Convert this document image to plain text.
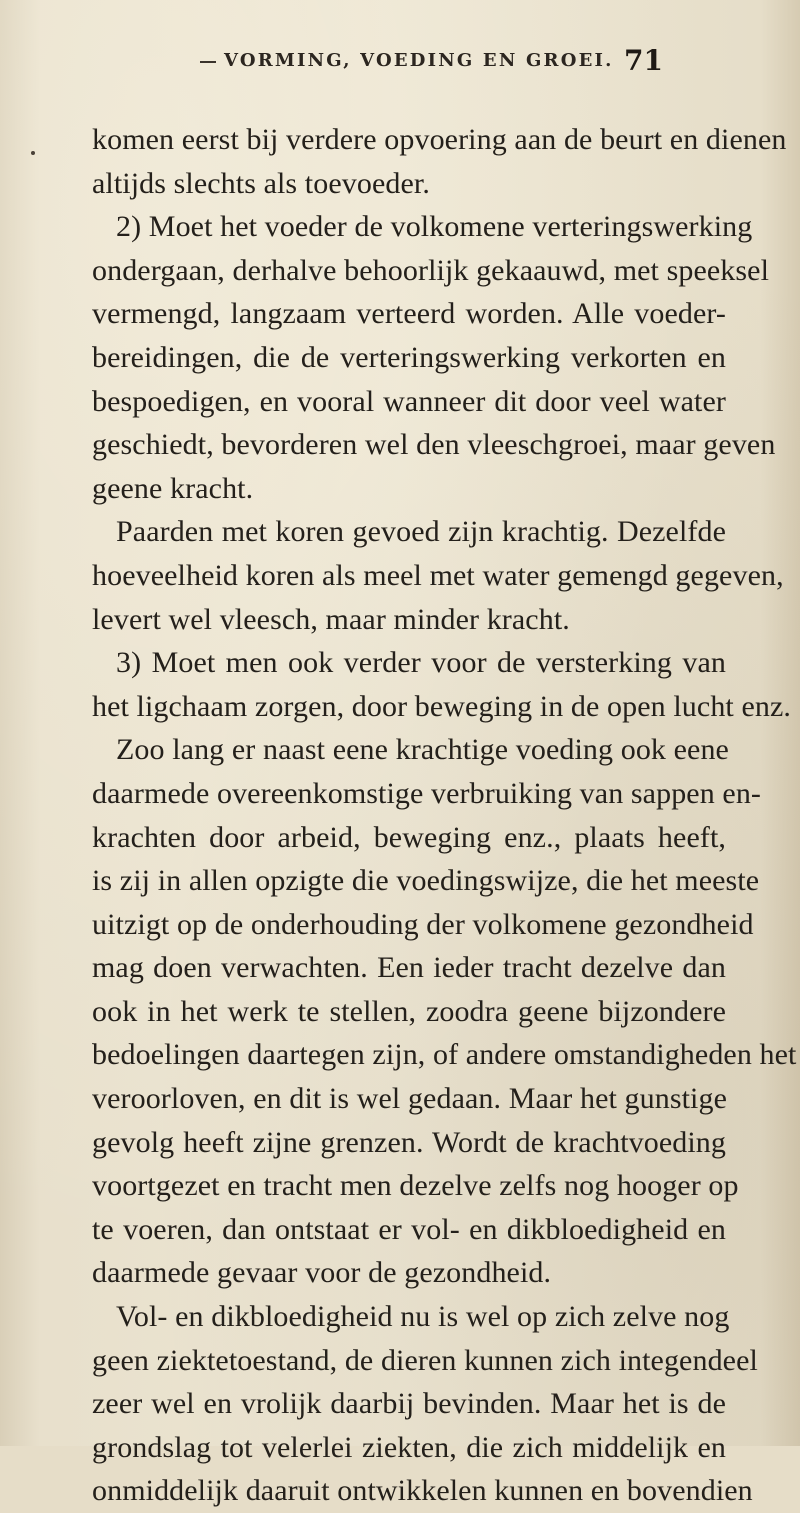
VORMING, VOEDING EN GROEI. 71
komen eerst bij verdere opvoering aan de beurt en dienen
altijds slechts als toevoeder.
2) Moet het voeder de volkomene verteringswerking
ondergaan, derhalve behoorlijk gekaauwd, met speeksel
vermengd, langzaam verteerd worden. Alle voeder-
bereidingen, die de verteringswerking verkorten en
bespoedigen, en vooral wanneer dit door veel water
geschiedt, bevorderen wel den vleeschgroei, maar geven
geene kracht.
Paarden met koren gevoed zijn krachtig. Dezelfde
hoeveelheid koren als meel met water gemengd gegeven,
levert wel vleesch, maar minder kracht.
3) Moet men ook verder voor de versterking van
het ligchaam zorgen, door beweging in de open lucht enz.
Zoo lang er naast eene krachtige voeding ook eene
daarmede overeenkomstige verbruiking van sappen en-
krachten door arbeid, beweging enz., plaats heeft,
is zij in allen opzigte die voedingswijze, die het meeste
uitzigt op de onderhouding der volkomene gezondheid
mag doen verwachten. Een ieder tracht dezelve dan
ook in het werk te stellen, zoodra geene bijzondere
bedoelingen daartegen zijn, of andere omstandigheden het
veroorloven, en dit is wel gedaan. Maar het gunstige
gevolg heeft zijne grenzen. Wordt de krachtvoeding
voortgezet en tracht men dezelve zelfs nog hooger op
te voeren, dan ontstaat er vol- en dikbloedigheid en
daarmede gevaar voor de gezondheid.
Vol- en dikbloedigheid nu is wel op zich zelve nog
geen ziektetoestand, de dieren kunnen zich integendeel
zeer wel en vrolijk daarbij bevinden. Maar het is de
grondslag tot velerlei ziekten, die zich middelijk en
onmiddelijk daaruit ontwikkelen kunnen en bovendien
